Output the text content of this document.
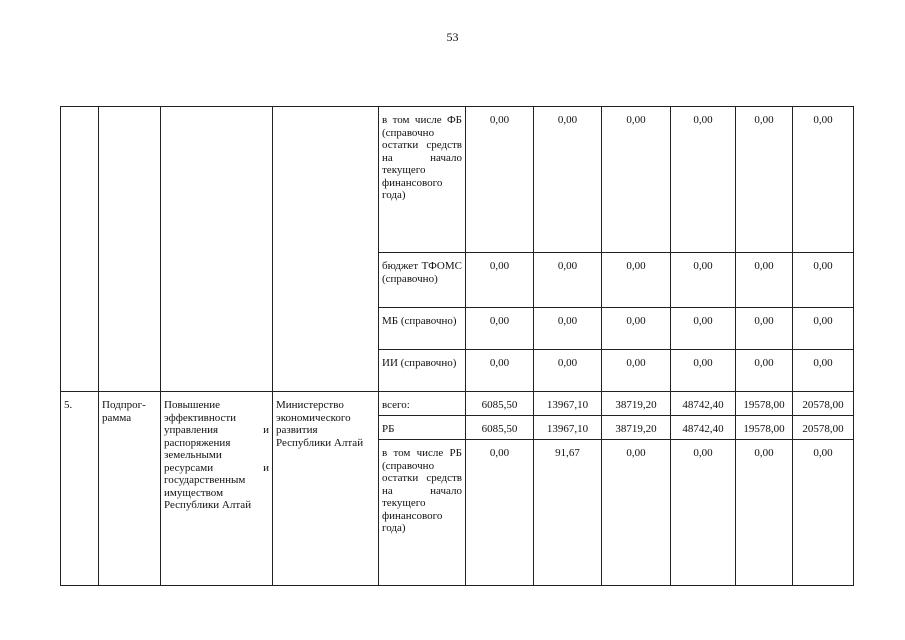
53
				в том числе ФБ (справочно остатки средств на начало текущего финансового года)	0,00	0,00	0,00	0,00	0,00	0,00
				бюджет ТФОМС (справочно)	0,00	0,00	0,00	0,00	0,00	0,00
				МБ (справочно)	0,00	0,00	0,00	0,00	0,00	0,00
				ИИ (справочно)	0,00	0,00	0,00	0,00	0,00	0,00
5.	Подпрог-рамма	Повышение эффективности управления и распоряжения земельными ресурсами и государственным имуществом Республики Алтай	Министерство экономического развития Республики Алтай	всего:	6085,50	13967,10	38719,20	48742,40	19578,00	20578,00
				РБ	6085,50	13967,10	38719,20	48742,40	19578,00	20578,00
				в том числе РБ (справочно остатки средств на начало текущего финансового года)	0,00	91,67	0,00	0,00	0,00	0,00
